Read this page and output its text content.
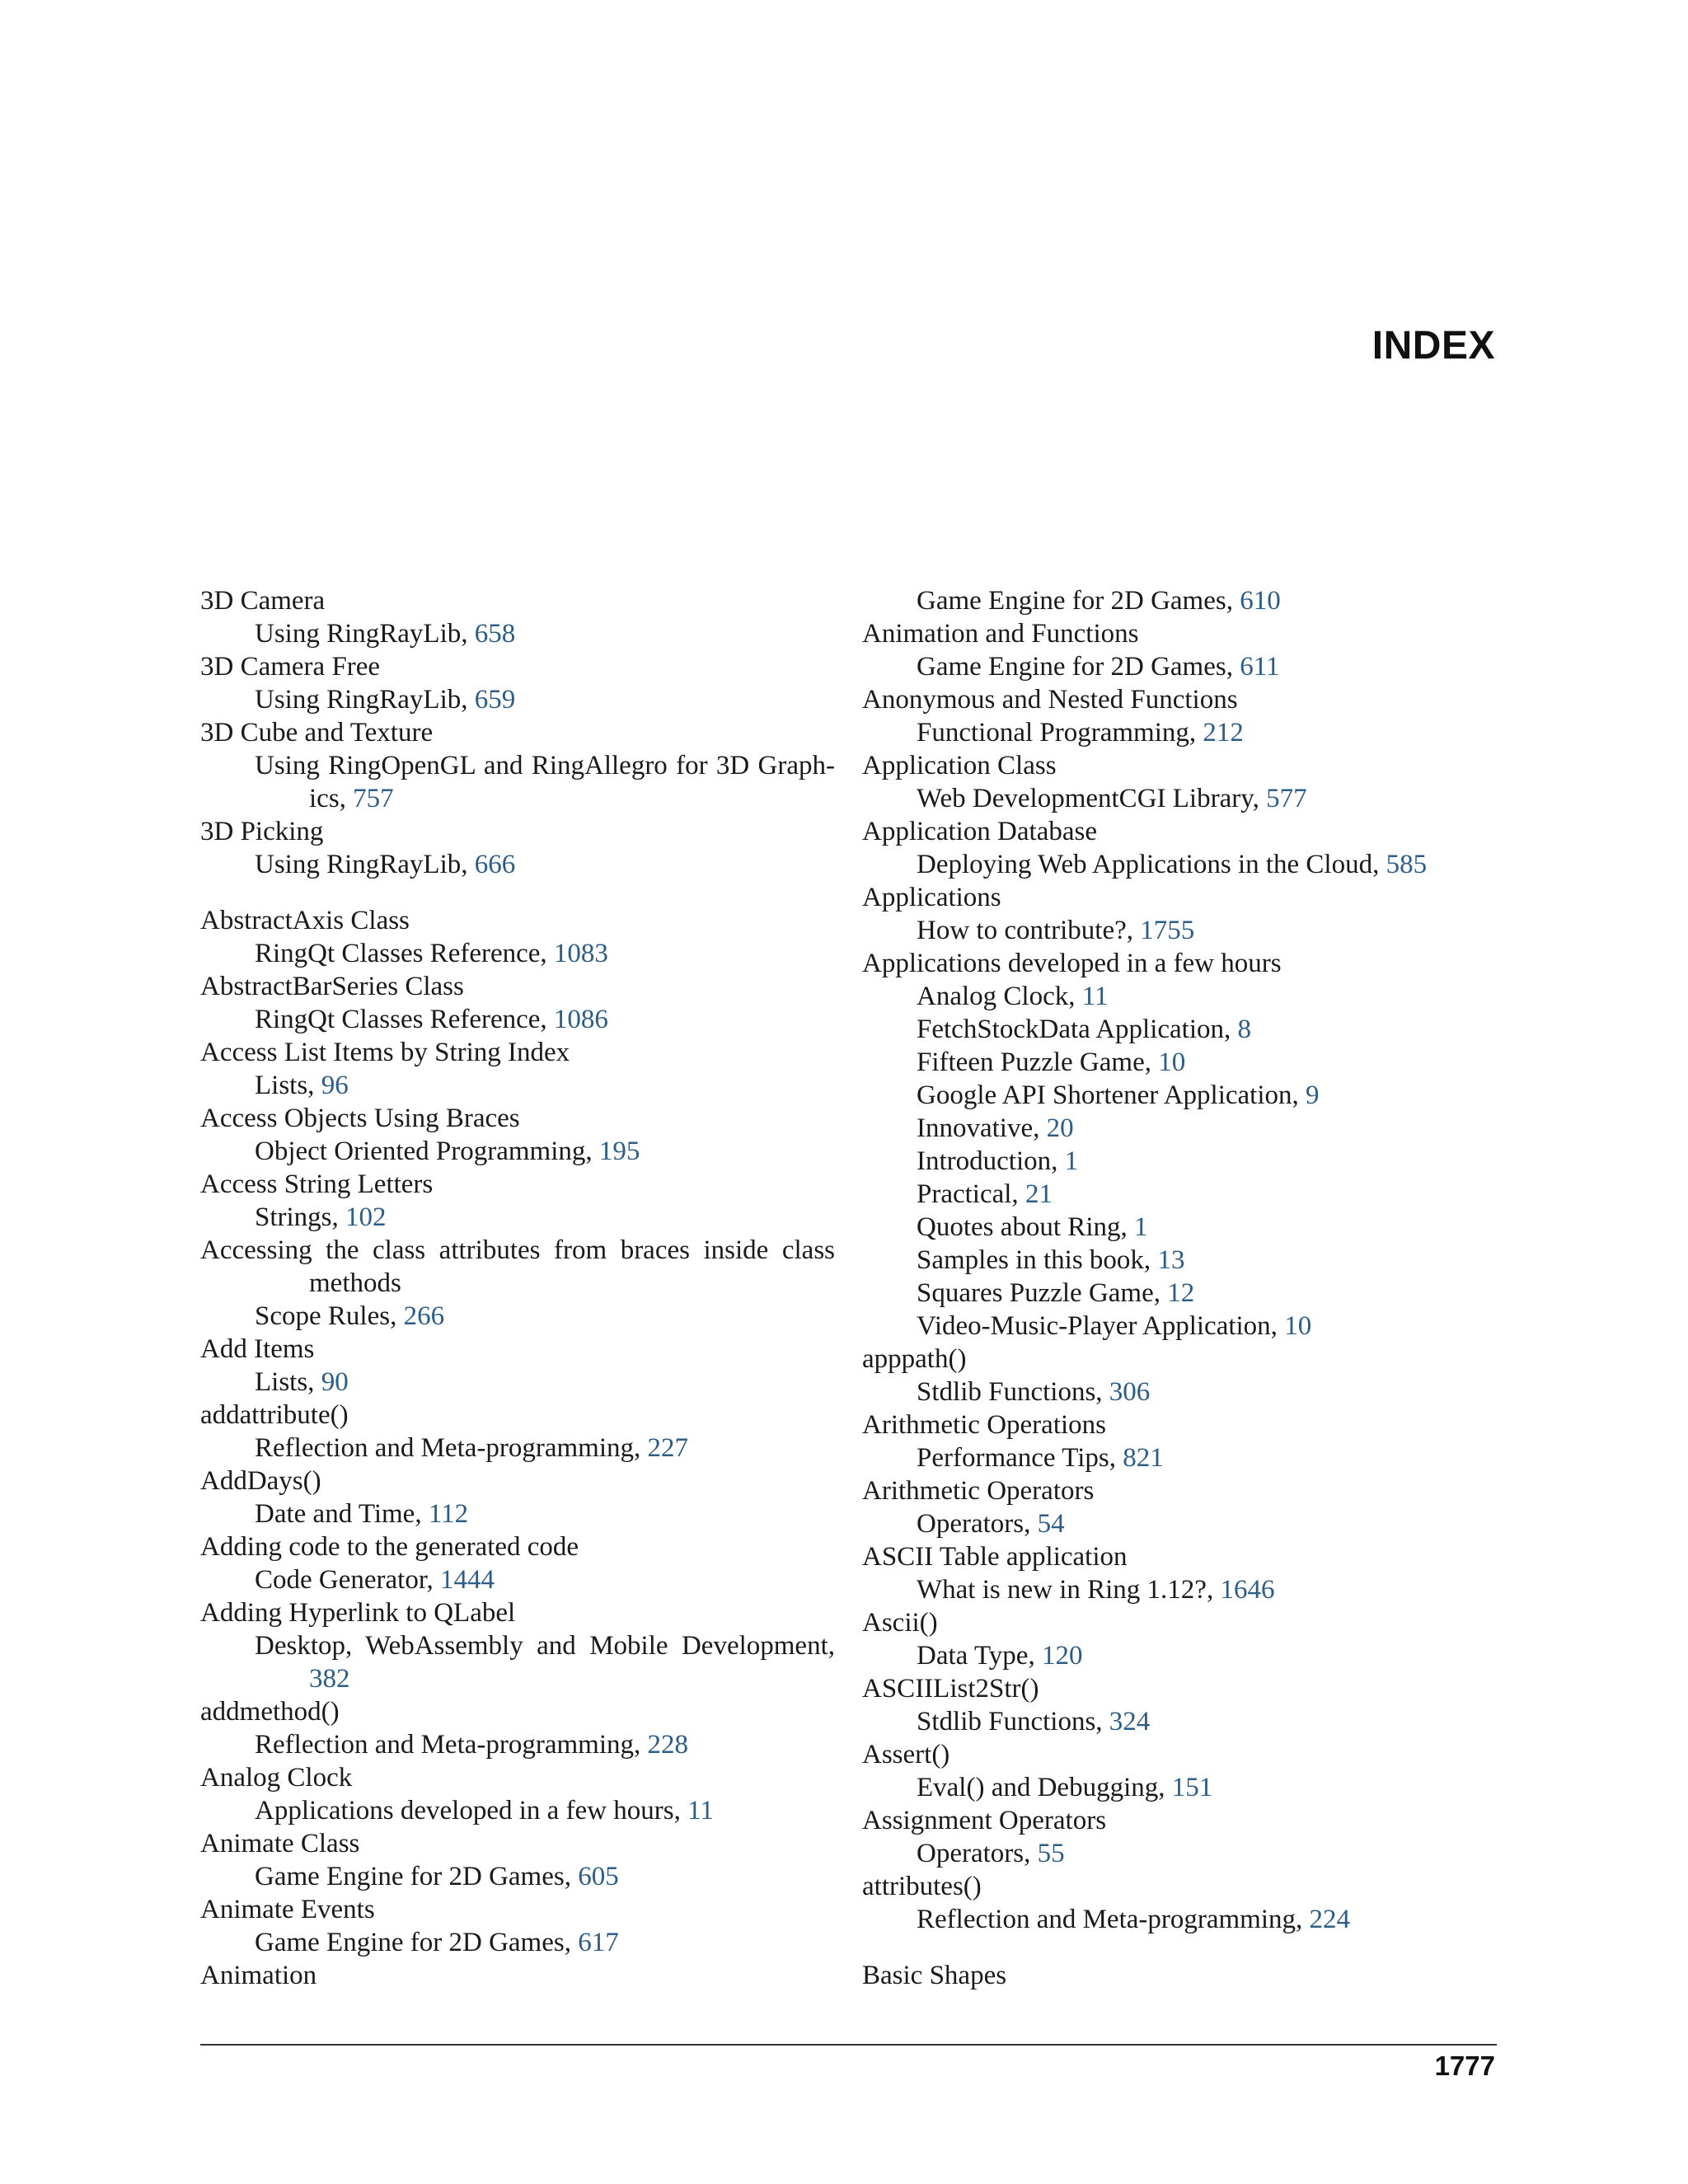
INDEX
3D Camera
Using RingRayLib, 658
3D Camera Free
Using RingRayLib, 659
3D Cube and Texture
Using RingOpenGL and RingAllegro for 3D Graph-
ics, 757
3D Picking
Using RingRayLib, 666
AbstractAxis Class
RingQt Classes Reference, 1083
AbstractBarSeries Class
RingQt Classes Reference, 1086
Access List Items by String Index
Lists, 96
Access Objects Using Braces
Object Oriented Programming, 195
Access String Letters
Strings, 102
Accessing the class attributes from braces inside class
methods
Scope Rules, 266
Add Items
Lists, 90
addattribute()
Reflection and Meta-programming, 227
AddDays()
Date and Time, 112
Adding code to the generated code
Code Generator, 1444
Adding Hyperlink to QLabel
Desktop, WebAssembly and Mobile Development,
382
addmethod()
Reflection and Meta-programming, 228
Analog Clock
Applications developed in a few hours, 11
Animate Class
Game Engine for 2D Games, 605
Animate Events
Game Engine for 2D Games, 617
Animation
Game Engine for 2D Games, 610
Animation and Functions
Game Engine for 2D Games, 611
Anonymous and Nested Functions
Functional Programming, 212
Application Class
Web DevelopmentCGI Library, 577
Application Database
Deploying Web Applications in the Cloud, 585
Applications
How to contribute?, 1755
Applications developed in a few hours
Analog Clock, 11
FetchStockData Application, 8
Fifteen Puzzle Game, 10
Google API Shortener Application, 9
Innovative, 20
Introduction, 1
Practical, 21
Quotes about Ring, 1
Samples in this book, 13
Squares Puzzle Game, 12
Video-Music-Player Application, 10
apppath()
Stdlib Functions, 306
Arithmetic Operations
Performance Tips, 821
Arithmetic Operators
Operators, 54
ASCII Table application
What is new in Ring 1.12?, 1646
Ascii()
Data Type, 120
ASCIIList2Str()
Stdlib Functions, 324
Assert()
Eval() and Debugging, 151
Assignment Operators
Operators, 55
attributes()
Reflection and Meta-programming, 224
Basic Shapes
1777
